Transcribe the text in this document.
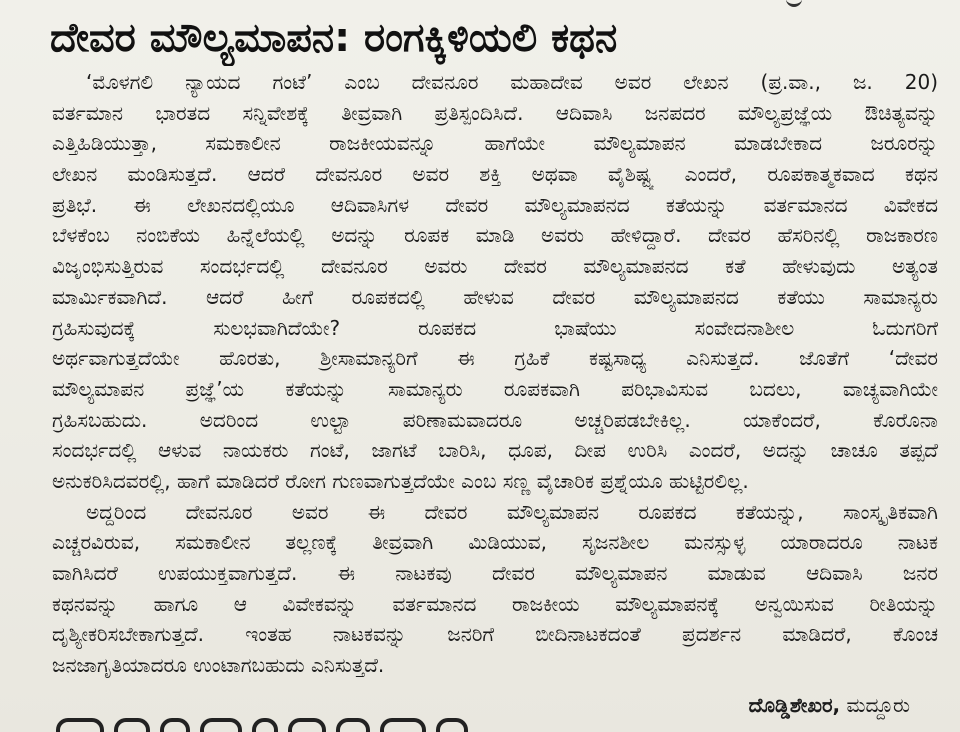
ದೇವರ ಮೌಲ್ಯಮಾಪನ: ರಂಗಕ್ಕಿಳಿಯಲಿ ಕಥನ
‘ಮೊಳಗಲಿ ನ್ಯಾಯದ ಗಂಟೆ’ ಎಂಬ ದೇವನೂರ ಮಹಾದೇವ ಅವರ ಲೇಖನ (ಪ್ರ.ವಾ., ಜ. 20)
ವರ್ತಮಾನ ಭಾರತದ ಸನ್ನಿವೇಶಕ್ಕೆ ತೀವ್ರವಾಗಿ ಪ್ರತಿಸ್ಪಂದಿಸಿದೆ. ಆದಿವಾಸಿ ಜನಪದರ ಮೌಲ್ಯಪ್ರಜ್ಞೆಯ ಔಚಿತ್ಯವನ್ನು
ಎತ್ತಿಹಿಡಿಯುತ್ತಾ, ಸಮಕಾಲೀನ ರಾಜಕೀಯವನ್ನೂ ಹಾಗೆಯೇ ಮೌಲ್ಯಮಾಪನ ಮಾಡಬೇಕಾದ ಜರೂರನ್ನು
ಲೇಖನ ಮಂಡಿಸುತ್ತದೆ. ಆದರೆ ದೇವನೂರ ಅವರ ಶಕ್ತಿ ಅಥವಾ ವೈಶಿಷ್ಟ್ಯ ಎಂದರೆ, ರೂಪಕಾತ್ಮಕವಾದ ಕಥನ
ಪ್ರತಿಭೆ. ಈ ಲೇಖನದಲ್ಲಿಯೂ ಆದಿವಾಸಿಗಳ ದೇವರ ಮೌಲ್ಯಮಾಪನದ ಕತೆಯನ್ನು ವರ್ತಮಾನದ ವಿವೇಕದ
ಬೆಳಕೆಂಬ ನಂಬಿಕೆಯ ಹಿನ್ನೆಲೆಯಲ್ಲಿ ಅದನ್ನು ರೂಪಕ ಮಾಡಿ ಅವರು ಹೇಳಿದ್ದಾರೆ. ದೇವರ ಹೆಸರಿನಲ್ಲಿ ರಾಜಕಾರಣ
ವಿಜೃಂಭಿಸುತ್ತಿರುವ ಸಂದರ್ಭದಲ್ಲಿ ದೇವನೂರ ಅವರು ದೇವರ ಮೌಲ್ಯಮಾಪನದ ಕತೆ ಹೇಳುವುದು ಅತ್ಯಂತ
ಮಾರ್ಮಿಕವಾಗಿದೆ. ಆದರೆ ಹೀಗೆ ರೂಪಕದಲ್ಲಿ ಹೇಳುವ ದೇವರ ಮೌಲ್ಯಮಾಪನದ ಕತೆಯು ಸಾಮಾನ್ಯರು
ಗ್ರಹಿಸುವುದಕ್ಕೆ ಸುಲಭವಾಗಿದೆಯೇ? ರೂಪಕದ ಭಾಷೆಯು ಸಂವೇದನಾಶೀಲ ಓದುಗರಿಗೆ
ಅರ್ಥವಾಗುತ್ತದೆಯೇ ಹೊರತು, ಶ್ರೀಸಾಮಾನ್ಯರಿಗೆ ಈ ಗ್ರಹಿಕೆ ಕಷ್ಟಸಾಧ್ಯ ಎನಿಸುತ್ತದೆ. ಜೊತೆಗೆ ‘ದೇವರ
ಮೌಲ್ಯಮಾಪನ ಪ್ರಜ್ಞೆ’ಯ ಕತೆಯನ್ನು ಸಾಮಾನ್ಯರು ರೂಪಕವಾಗಿ ಪರಿಭಾವಿಸುವ ಬದಲು, ವಾಚ್ಯವಾಗಿಯೇ
ಗ್ರಹಿಸಬಹುದು. ಅದರಿಂದ ಉಲ್ಟಾ ಪರಿಣಾಮವಾದರೂ ಅಚ್ಚರಿಪಡಬೇಕಿಲ್ಲ. ಯಾಕೆಂದರೆ, ಕೊರೊನಾ
ಸಂದರ್ಭದಲ್ಲಿ ಆಳುವ ನಾಯಕರು ಗಂಟೆ, ಜಾಗಟೆ ಬಾರಿಸಿ, ಧೂಪ, ದೀಪ ಉರಿಸಿ ಎಂದರೆ, ಅದನ್ನು ಚಾಚೂ ತಪ್ಪದೆ
ಅನುಕರಿಸಿದವರಲ್ಲಿ, ಹಾಗೆ ಮಾಡಿದರೆ ರೋಗ ಗುಣವಾಗುತ್ತದೆಯೇ ಎಂಬ ಸಣ್ಣ ವೈಚಾರಿಕ ಪ್ರಶ್ನೆಯೂ ಹುಟ್ಟಿರಲಿಲ್ಲ.
ಅದ್ದರಿಂದ ದೇವನೂರ ಅವರ ಈ ದೇವರ ಮೌಲ್ಯಮಾಪನ ರೂಪಕದ ಕತೆಯನ್ನು, ಸಾಂಸ್ಕೃತಿಕವಾಗಿ
ಎಚ್ಚರವಿರುವ, ಸಮಕಾಲೀನ ತಲ್ಲಣಕ್ಕೆ ತೀವ್ರವಾಗಿ ಮಿಡಿಯುವ, ಸೃಜನಶೀಲ ಮನಸ್ಸುಳ್ಳ ಯಾರಾದರೂ ನಾಟಕ
ವಾಗಿಸಿದರೆ ಉಪಯುಕ್ತವಾಗುತ್ತದೆ. ಈ ನಾಟಕವು ದೇವರ ಮೌಲ್ಯಮಾಪನ ಮಾಡುವ ಆದಿವಾಸಿ ಜನರ
ಕಥನವನ್ನು ಹಾಗೂ ಆ ವಿವೇಕವನ್ನು ವರ್ತಮಾನದ ರಾಜಕೀಯ ಮೌಲ್ಯಮಾಪನಕ್ಕೆ ಅನ್ವಯಿಸುವ ರೀತಿಯನ್ನು
ದೃಶ್ಯೀಕರಿಸಬೇಕಾಗುತ್ತದೆ. ಇಂತಹ ನಾಟಕವನ್ನು ಜನರಿಗೆ ಬೀದಿನಾಟಕದಂತೆ ಪ್ರದರ್ಶನ ಮಾಡಿದರೆ, ಕೊಂಚ
ಜನಜಾಗೃತಿಯಾದರೂ ಉಂಟಾಗಬಹುದು ಎನಿಸುತ್ತದೆ.
ದೊಡ್ಡಿಶೇಖರ, ಮದ್ದೂರು
